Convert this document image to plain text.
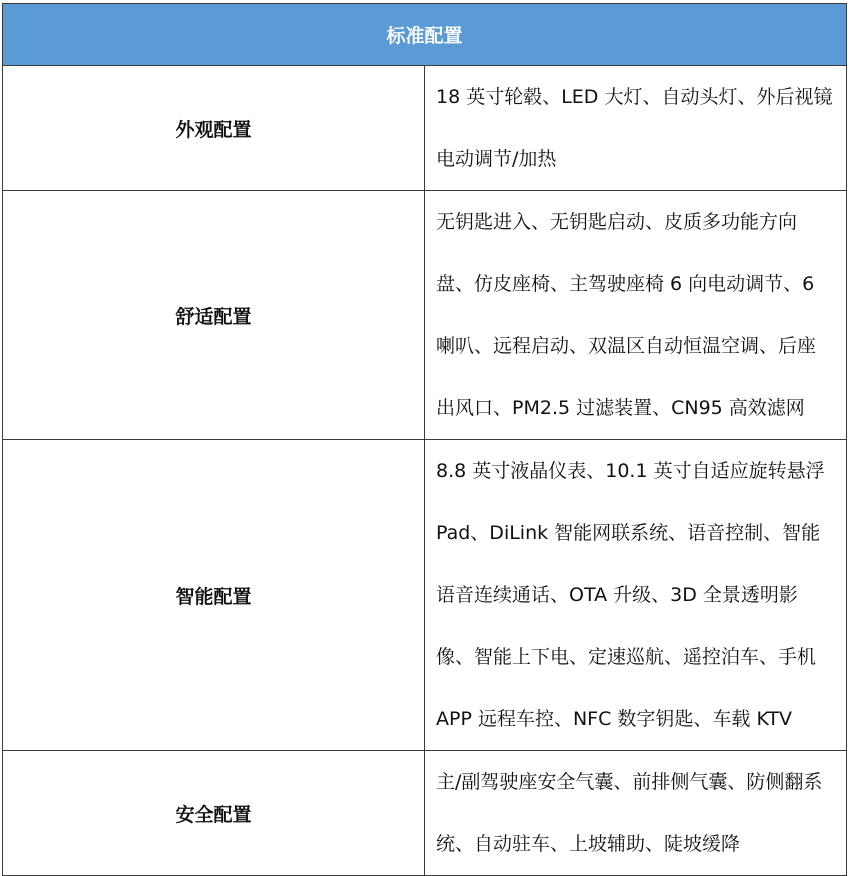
标准配置	
外观配置	18 英寸轮毂、LED 大灯、自动头灯、外后视镜电动调节/加热
舒适配置	无钥匙进入、无钥匙启动、皮质多功能方向盘、仿皮座椅、主驾驶座椅 6 向电动调节、6 喇叭、远程启动、双温区自动恒温空调、后座出风口、PM2.5 过滤装置、CN95 高效滤网
智能配置	8.8 英寸液晶仪表、10.1 英寸自适应旋转悬浮 Pad、DiLink 智能网联系统、语音控制、智能语音连续通话、OTA 升级、3D 全景透明影像、智能上下电、定速巡航、遥控泊车、手机 APP 远程车控、NFC 数字钥匙、车载 KTV
安全配置	主/副驾驶座安全气囊、前排侧气囊、防侧翻系统、自动驻车、上坡辅助、陡坡缓降
